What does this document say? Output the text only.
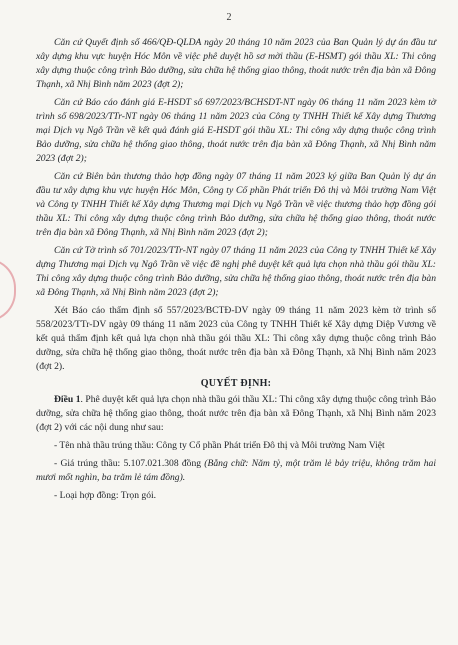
2

Căn cứ Quyết định số 466/QĐ-QLDA ngày 20 tháng 10 năm 2023 của Ban Quản lý dự án đầu tư xây dựng khu vực huyện Hóc Môn về việc phê duyệt hồ sơ mời thầu (E-HSMT) gói thầu XL: Thi công xây dựng thuộc công trình Bảo dưỡng, sửa chữa hệ thống giao thông, thoát nước trên địa bàn xã Đông Thạnh, xã Nhị Bình năm 2023 (đợt 2);

Căn cứ Báo cáo đánh giá E-HSDT số 697/2023/BCHSDT-NT ngày 06 tháng 11 năm 2023 kèm tờ trình số 698/2023/TTr-NT ngày 06 tháng 11 năm 2023 của Công ty TNHH Thiết kế Xây dựng Thương mại Dịch vụ Ngô Trần về kết quả đánh giá E-HSDT gói thầu XL: Thi công xây dựng thuộc công trình Bảo dưỡng, sửa chữa hệ thống giao thông, thoát nước trên địa bàn xã Đông Thạnh, xã Nhị Bình năm 2023 (đợt 2);

Căn cứ Biên bản thương thảo hợp đồng ngày 07 tháng 11 năm 2023 ký giữa Ban Quản lý dự án đầu tư xây dựng khu vực huyện Hóc Môn, Công ty Cổ phần Phát triển Đô thị và Môi trường Nam Việt và Công ty TNHH Thiết kế Xây dựng Thương mại Dịch vụ Ngô Trần về việc thương thảo hợp đồng gói thầu XL: Thi công xây dựng thuộc công trình Bảo dưỡng, sửa chữa hệ thống giao thông, thoát nước trên địa bàn xã Đông Thạnh, xã Nhị Bình năm 2023 (đợt 2);

Căn cứ Tờ trình số 701/2023/TTr-NT ngày 07 tháng 11 năm 2023 của Công ty TNHH Thiết kế Xây dựng Thương mại Dịch vụ Ngô Trần về việc đề nghị phê duyệt kết quả lựa chọn nhà thầu gói thầu XL: Thi công xây dựng thuộc công trình Bảo dưỡng, sửa chữa hệ thống giao thông, thoát nước trên địa bàn xã Đông Thạnh, xã Nhị Bình năm 2023 (đợt 2);

Xét Báo cáo thẩm định số 557/2023/BCTĐ-DV ngày 09 tháng 11 năm 2023 kèm tờ trình số 558/2023/TTr-DV ngày 09 tháng 11 năm 2023 của Công ty TNHH Thiết kế Xây dựng Diệp Vương về kết quả thẩm định kết quả lựa chọn nhà thầu gói thầu XL: Thi công xây dựng thuộc công trình Bảo dưỡng, sửa chữa hệ thống giao thông, thoát nước trên địa bàn xã Đông Thạnh, xã Nhị Bình năm 2023 (đợt 2).

QUYẾT ĐỊNH:

Điều 1. Phê duyệt kết quả lựa chọn nhà thầu gói thầu XL: Thi công xây dựng thuộc công trình Bảo dưỡng, sửa chữa hệ thống giao thông, thoát nước trên địa bàn xã Đông Thạnh, xã Nhị Bình năm 2023 (đợt 2) với các nội dung như sau:

- Tên nhà thầu trúng thầu: Công ty Cổ phần Phát triển Đô thị và Môi trường Nam Việt

- Giá trúng thầu: 5.107.021.308 đồng (Bằng chữ: Năm tỷ, một trăm lẻ bảy triệu, không trăm hai mươi mốt nghìn, ba trăm lẻ tám đồng).

- Loại hợp đồng: Trọn gói.
